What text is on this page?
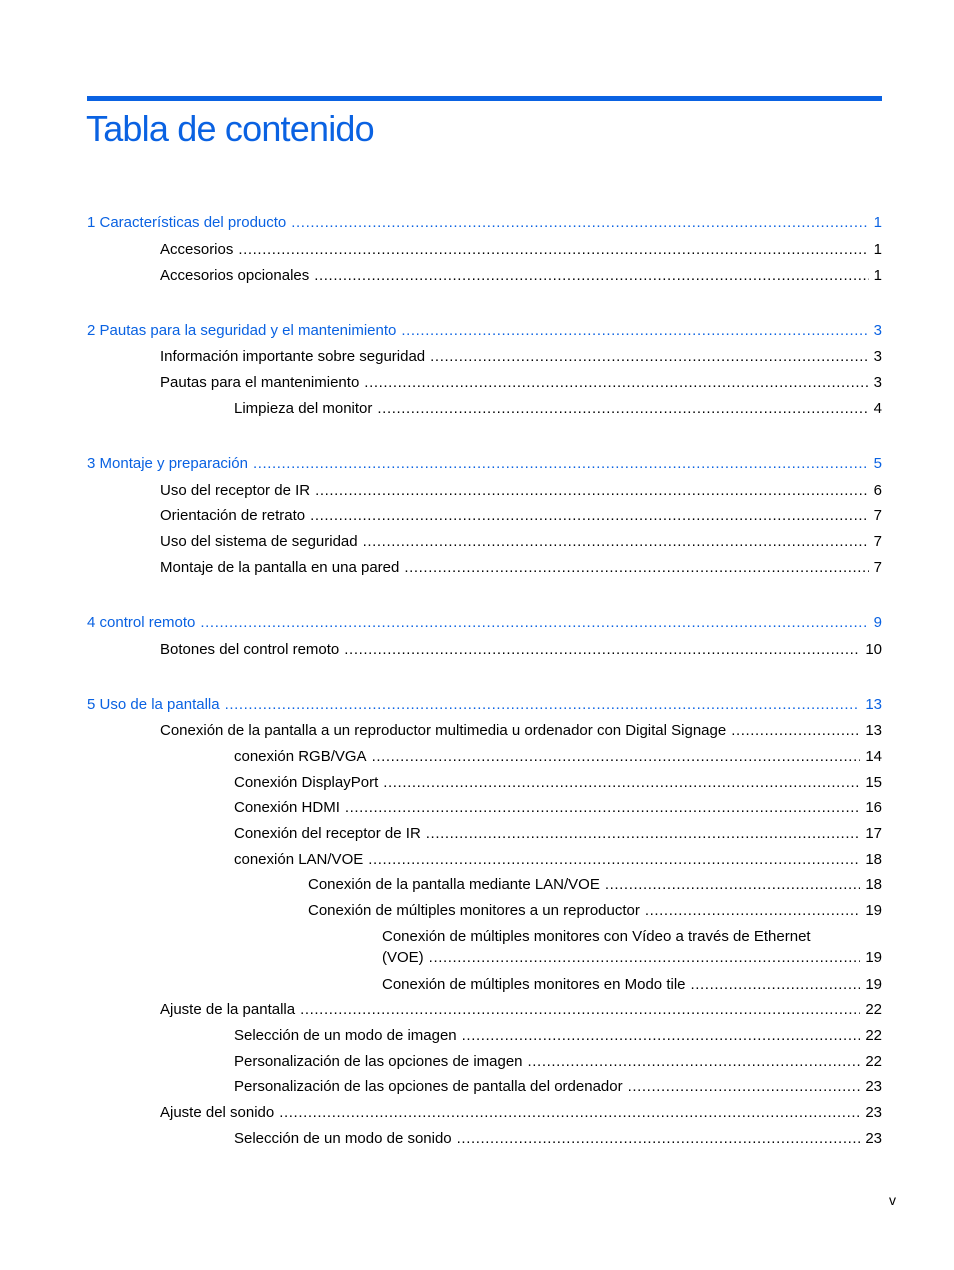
Tabla de contenido
1 Características del producto .....	1
Accesorios .....	1
Accesorios opcionales .....	1
2 Pautas para la seguridad y el mantenimiento .....	3
Información importante sobre seguridad .....	3
Pautas para el mantenimiento .....	3
Limpieza del monitor .....	4
3 Montaje y preparación .....	5
Uso del receptor de IR .....	6
Orientación de retrato .....	7
Uso del sistema de seguridad .....	7
Montaje de la pantalla en una pared .....	7
4 control remoto .....	9
Botones del control remoto .....	10
5 Uso de la pantalla .....	13
Conexión de la pantalla a un reproductor multimedia u ordenador con Digital Signage .....	13
conexión RGB/VGA .....	14
Conexión DisplayPort .....	15
Conexión HDMI .....	16
Conexión del receptor de IR .....	17
conexión LAN/VOE .....	18
Conexión de la pantalla mediante LAN/VOE .....	18
Conexión de múltiples monitores a un reproductor .....	19
Conexión de múltiples monitores con Vídeo a través de Ethernet
(VOE) .....	19
Conexión de múltiples monitores en Modo tile .....	19
Ajuste de la pantalla .....	22
Selección de un modo de imagen .....	22
Personalización de las opciones de imagen .....	22
Personalización de las opciones de pantalla del ordenador .....	23
Ajuste del sonido .....	23
Selección de un modo de sonido .....	23
v
